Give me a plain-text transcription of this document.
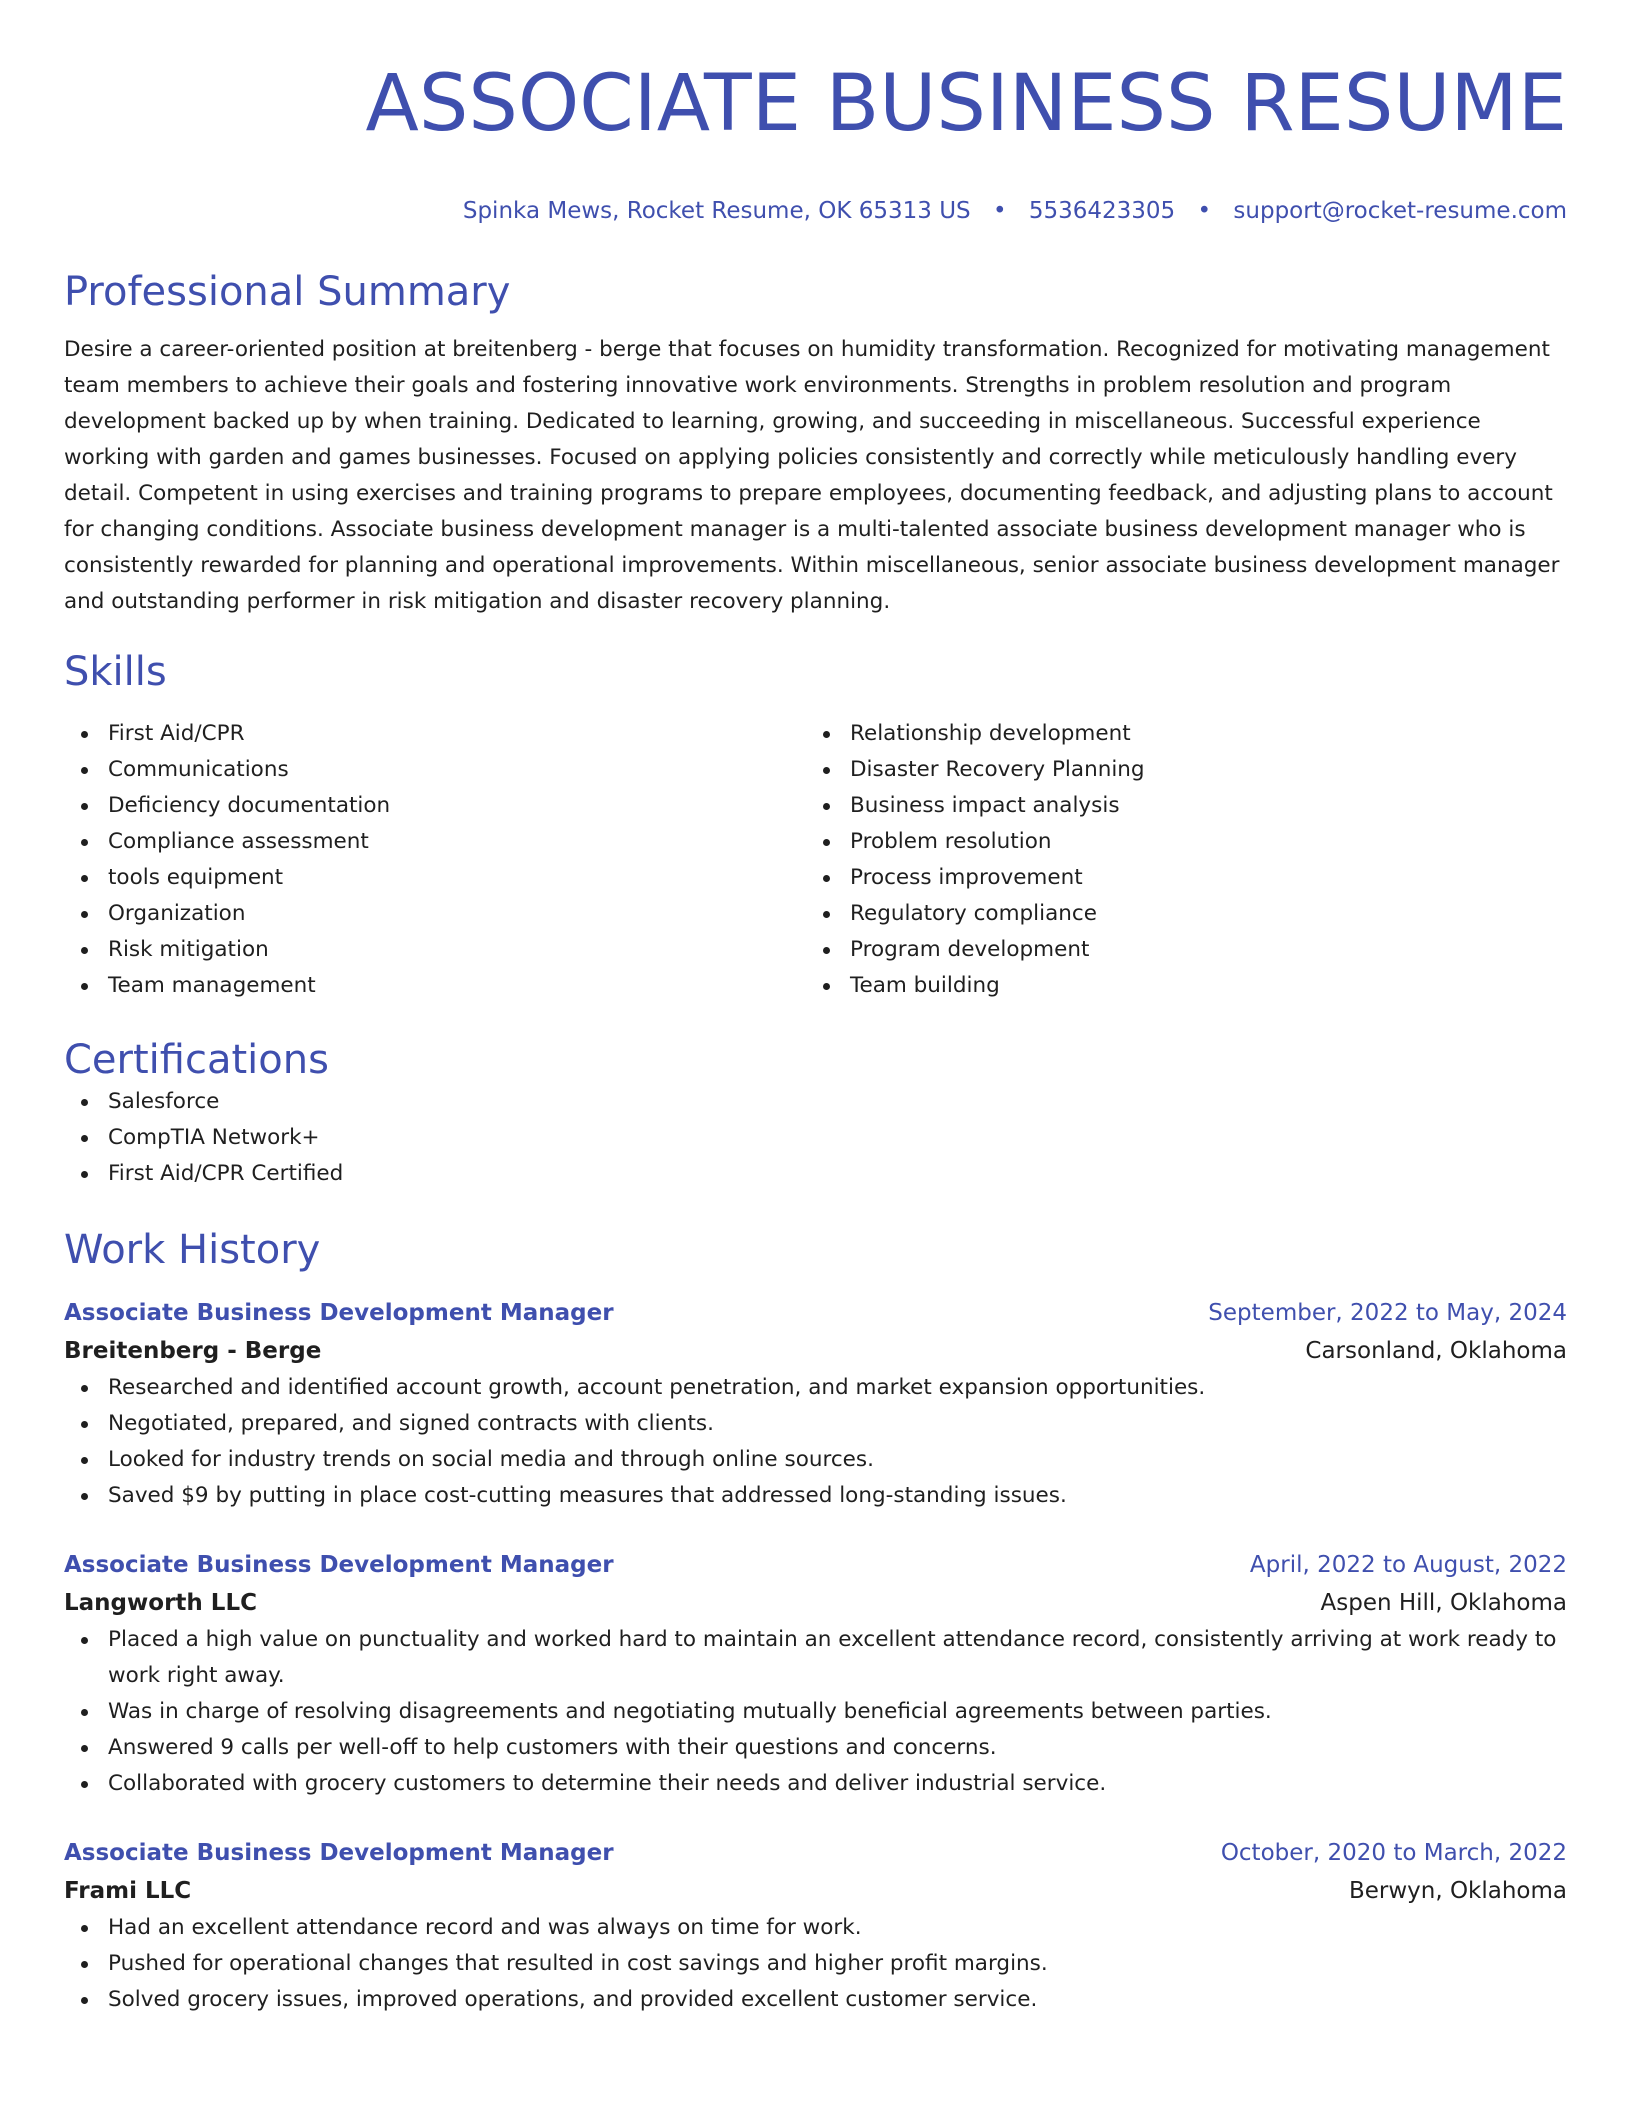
ASSOCIATE BUSINESS RESUME
Spinka Mews, Rocket Resume, OK 65313 US • 5536423305 • support@rocket-resume.com
Professional Summary

Desire a career-oriented position at breitenberg - berge that focuses on humidity transformation. Recognized for motivating management team members to achieve their goals and fostering innovative work environments. Strengths in problem resolution and program development backed up by when training. Dedicated to learning, growing, and succeeding in miscellaneous. Successful experience working with garden and games businesses. Focused on applying policies consistently and correctly while meticulously handling every detail. Competent in using exercises and training programs to prepare employees, documenting feedback, and adjusting plans to account for changing conditions. Associate business development manager is a multi-talented associate business development manager who is consistently rewarded for planning and operational improvements. Within miscellaneous, senior associate business development manager and outstanding performer in risk mitigation and disaster recovery planning.

Skills
First Aid/CPR
Communications
Deficiency documentation
Compliance assessment
tools equipment
Organization
Risk mitigation
Team management
Relationship development
Disaster Recovery Planning
Business impact analysis
Problem resolution
Process improvement
Regulatory compliance
Program development
Team building
Certifications
Salesforce
CompTIA Network+
First Aid/CPR Certified
Work History
Associate Business Development Manager	September, 2022 to May, 2024
Breitenberg - Berge	Carsonland, Oklahoma
Researched and identified account growth, account penetration, and market expansion opportunities.
Negotiated, prepared, and signed contracts with clients.
Looked for industry trends on social media and through online sources.
Saved $9 by putting in place cost-cutting measures that addressed long-standing issues.
Associate Business Development Manager	April, 2022 to August, 2022
Langworth LLC	Aspen Hill, Oklahoma
Placed a high value on punctuality and worked hard to maintain an excellent attendance record, consistently arriving at work ready to work right away.
Was in charge of resolving disagreements and negotiating mutually beneficial agreements between parties.
Answered 9 calls per well-off to help customers with their questions and concerns.
Collaborated with grocery customers to determine their needs and deliver industrial service.
Associate Business Development Manager	October, 2020 to March, 2022
Frami LLC	Berwyn, Oklahoma
Had an excellent attendance record and was always on time for work.
Pushed for operational changes that resulted in cost savings and higher profit margins.
Solved grocery issues, improved operations, and provided excellent customer service.
